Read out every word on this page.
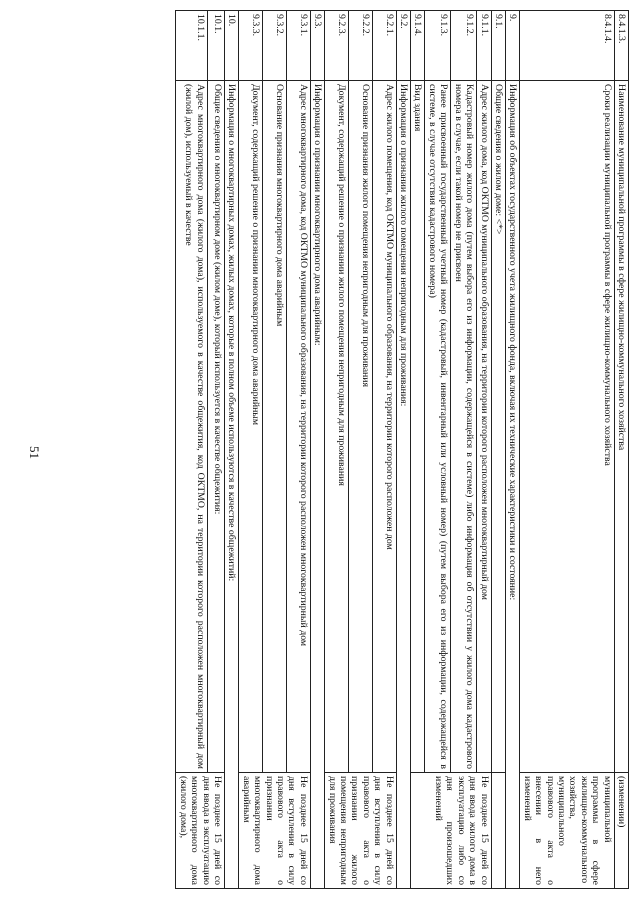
51
8.4.1.3.	Наименование муниципальной программы в сфере жилищно-коммунального хозяйства	(изменении)
8.4.1.4.	Сроки реализации муниципальной программы в сфере жилищно-коммунального хозяйства	муниципальной программы в сфере жилищно-коммунального хозяйства, муниципального правового акта о внесении в него изменений
9.	Информация об объектах государственного учета жилищного фонда, включая их технические характеристики и состояние:	
9.1.	Общие сведения о жилом доме: <*>	
9.1.1.	Адрес жилого дома, код ОКТМО муниципального образования, на территории которого расположен многоквартирный дом	Не позднее 15 дней со дня ввода жилого дома в эксплуатацию либо со дня произошедших изменений
9.1.2.	Кадастровый номер жилого дома (путем выбора его из информации, содержащейся в системе) либо информация об отсутствии у жилого дома кадастрового номера в случае, если такой номер не присвоен	
9.1.3.	Ранее присвоенный государственный учетный номер (кадастровый, инвентарный или условный номер) (путем выбора его из информации, содержащейся в системе, в случае отсутствия кадастрового номера)	
9.1.4.	Вид здания	
9.2.	Информация о признании жилого помещения непригодным для проживания:	
9.2.1.	Адрес жилого помещения, код ОКТМО муниципального образования, на территории которого расположен дом	Не позднее 15 дней со дня вступления в силу правового акта о признании жилого помещения непригодным для проживания
9.2.2.	Основание признания жилого помещения непригодным для проживания	
9.2.3.	Документ, содержащий решение о признании жилого помещения непригодным для проживания	
9.3.	Информация о признании многоквартирного дома аварийным:	
9.3.1.	Адрес многоквартирного дома, код ОКТМО муниципального образования, на территории которого расположен многоквартирный дом	Не позднее 15 дней со дня вступления в силу правового акта о признании многоквартирного дома аварийным
9.3.2.	Основание признания многоквартирного дома аварийным	
9.3.3.	Документ, содержащий решение о признании многоквартирного дома аварийным	
10.	Информация о многоквартирных домах, жилых домах, которые в полном объеме используются в качестве общежитий:	
10.1.	Общие сведения о многоквартирном доме (жилом доме), который используется в качестве общежития:	Не позднее 15 дней со дня ввода в эксплуатацию многоквартирного дома (жилого дома),
10.1.1.	Адрес многоквартирного дома (жилого дома), используемого в качестве общежития, код ОКТМО, на территории которого расположен многоквартирный дом (жилой дом), используемый в качестве	
